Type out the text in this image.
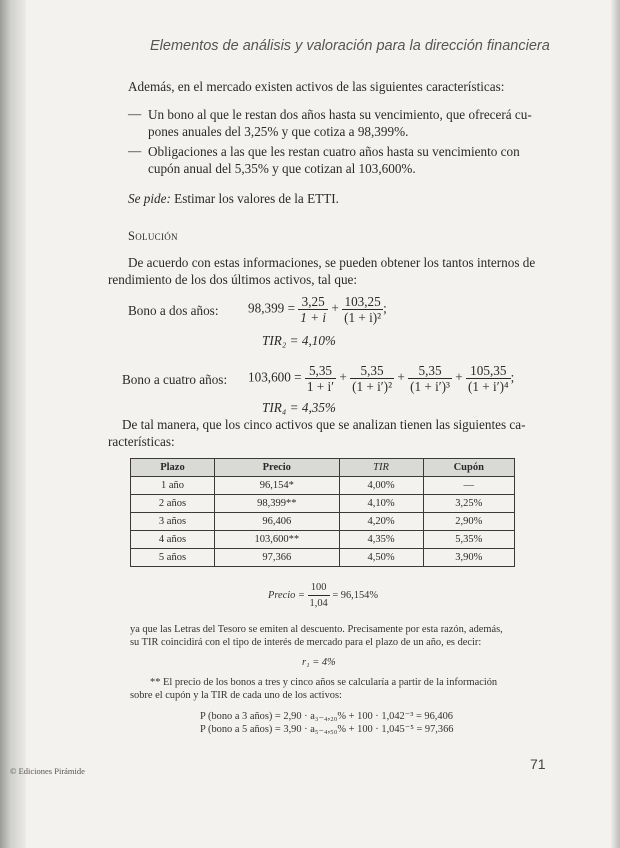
Elementos de análisis y valoración para la dirección financiera
Además, en el mercado existen activos de las siguientes características:
— Un bono al que le restan dos años hasta su vencimiento, que ofrecerá cu-
pones anuales del 3,25% y que cotiza a 98,399%.
— Obligaciones a las que les restan cuatro años hasta su vencimiento con
cupón anual del 5,35% y que cotizan al 103,600%.
Se pide: Estimar los valores de la ETTI.
Solución
De acuerdo con estas informaciones, se pueden obtener los tantos internos de
rendimiento de los dos últimos activos, tal que:
Bono a dos años: $98,399 = \frac{3,25}{1 + i} + \frac{103,25}{\text{(1 + i)²}}$ ;
TIR₂ = 4,10%
Bono a cuatro años: $103,600 = \frac{5,35}{1 + i'} + \frac{5,35}{\text{(1 + i′)²}} + \frac{5,35}{\text{(1 + i′)³}} + \frac{105,35}{\text{(1 + i′)⁴}}$ ;
TIR₄ = 4,35%
De tal manera, que los cinco activos que se analizan tienen las siguientes ca-
racterísticas:
Plazo	Precio	TIR	Cupón
1 año	96,154*	4,00%	—
2 años	98,399**	4,10%	3,25%
3 años	96,406	4,20%	2,90%
4 años	103,600**	4,35%	5,35%
5 años	97,366	4,50%	3,90%
Precio = $\frac{100}{1,04} = 96,154\%$
ya que las Letras del Tesoro se emiten al descuento. Precisamente por esta razón, además,
su TIR coincidirá con el tipo de interés de mercado para el plazo de un año, es decir:
r₁ = 4%
** El precio de los bonos a tres y cinco años se calcularía a partir de la información
sobre el cupón y la TIR de cada uno de los activos:
P (bono a 3 años) = 2,90 · a₃₋₄,₂₀% + 100 · 1,042⁻³ = 96,406
P (bono a 5 años) = 3,90 · a₅₋₄,₅₀% + 100 · 1,045⁻⁵ = 97,366
© Ediciones Pirámide	71
